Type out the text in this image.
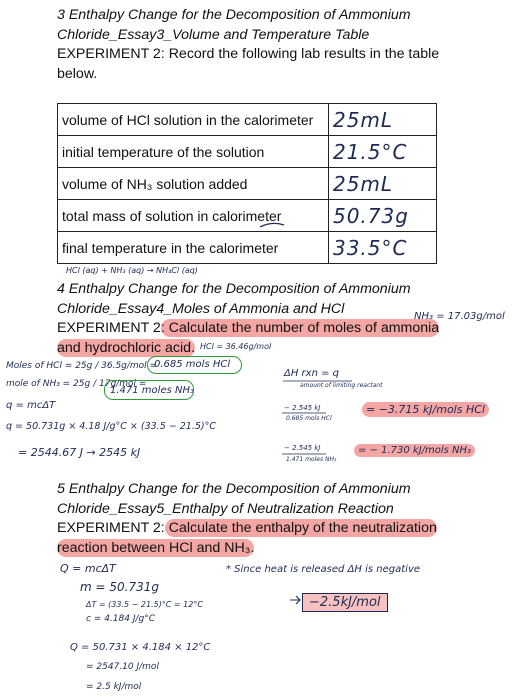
3 Enthalpy Change for the Decomposition of Ammonium
Chloride_Essay3_Volume and Temperature Table
EXPERIMENT 2: Record the following lab results in the table
below.
volume of HCl solution in the calorimeter	25mL
initial temperature of the solution	21.5°C
volume of NH₃ solution added	25mL
total mass of solution in calorimeter	50.73g
final temperature in the calorimeter	33.5°C
HCl (aq) + NH₃ (aq) → NH₄Cl (aq)
4 Enthalpy Change for the Decomposition of Ammonium
Chloride_Essay4_Moles of Ammonia and HCl
EXPERIMENT 2: Calculate the number of moles of ammonia
and hydrochloric acid.
NH₃ = 17.03g/mol
HCl = 36.46g/mol
Moles of HCl = 25g / 36.5g/mol =
0.685 mols HCl
mole of NH₃ = 25g / 17g/mol =
1.471 moles NH₃
q = mcΔT
q = 50.731g × 4.18 J/g°C × (33.5 − 21.5)°C
= 2544.67 J → 2545 kJ
ΔH rxn = q
amount of limiting reactant
− 2.545 kJ
0.685 mols HCl
= −3.715 kJ/mols HCl
− 2.545 kJ
1.471 moles NH₃
= − 1.730 kJ/mols NH₃
5 Enthalpy Change for the Decomposition of Ammonium
Chloride_Essay5_Enthalpy of Neutralization Reaction
EXPERIMENT 2: Calculate the enthalpy of the neutralization
reaction between HCl and NH₃.
Q = mcΔT
m = 50.731g
ΔT = (33.5 − 21.5)°C = 12°C
c = 4.184 J/g°C
* Since heat is released ΔH is negative
−2.5kJ/mol
Q = 50.731 × 4.184 × 12°C
= 2547.10 J/mol
= 2.5 kJ/mol
